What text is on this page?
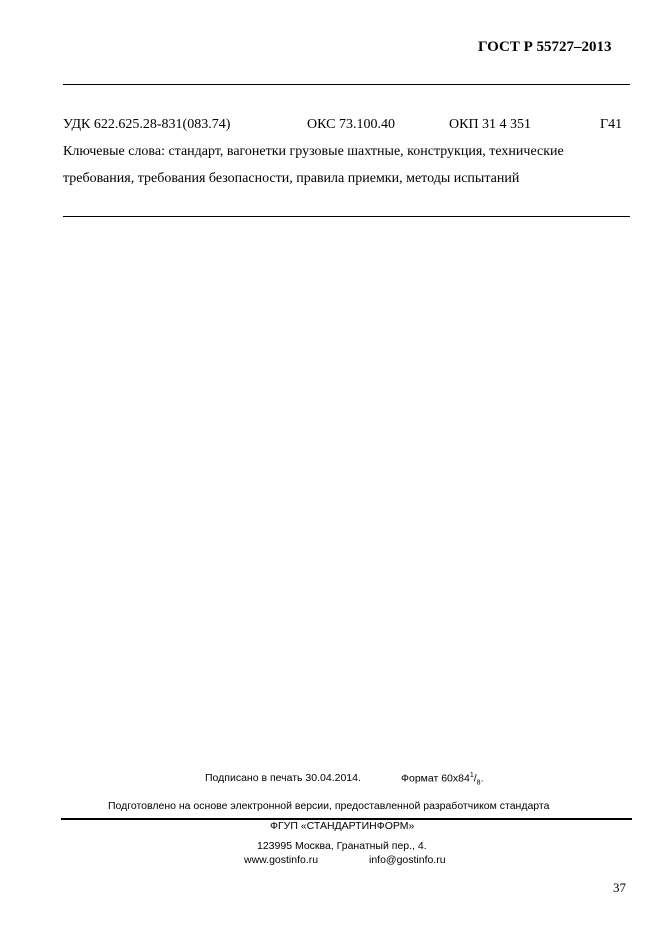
ГОСТ Р 55727–2013
УДК 622.625.28-831(083.74)	ОКС 73.100.40	ОКП 31 4 351	Г41
Ключевые слова: стандарт, вагонетки грузовые шахтные, конструкция, технические
требования, требования безопасности, правила приемки, методы испытаний
Подписано в печать 30.04.2014.	Формат $60х84^1/_8$.
Подготовлено на основе электронной версии, предоставленной разработчиком стандарта
ФГУП «СТАНДАРТИНФОРМ»
123995 Москва, Гранатный пер., 4.
www.gostinfo.ru	info@gostinfo.ru
37
